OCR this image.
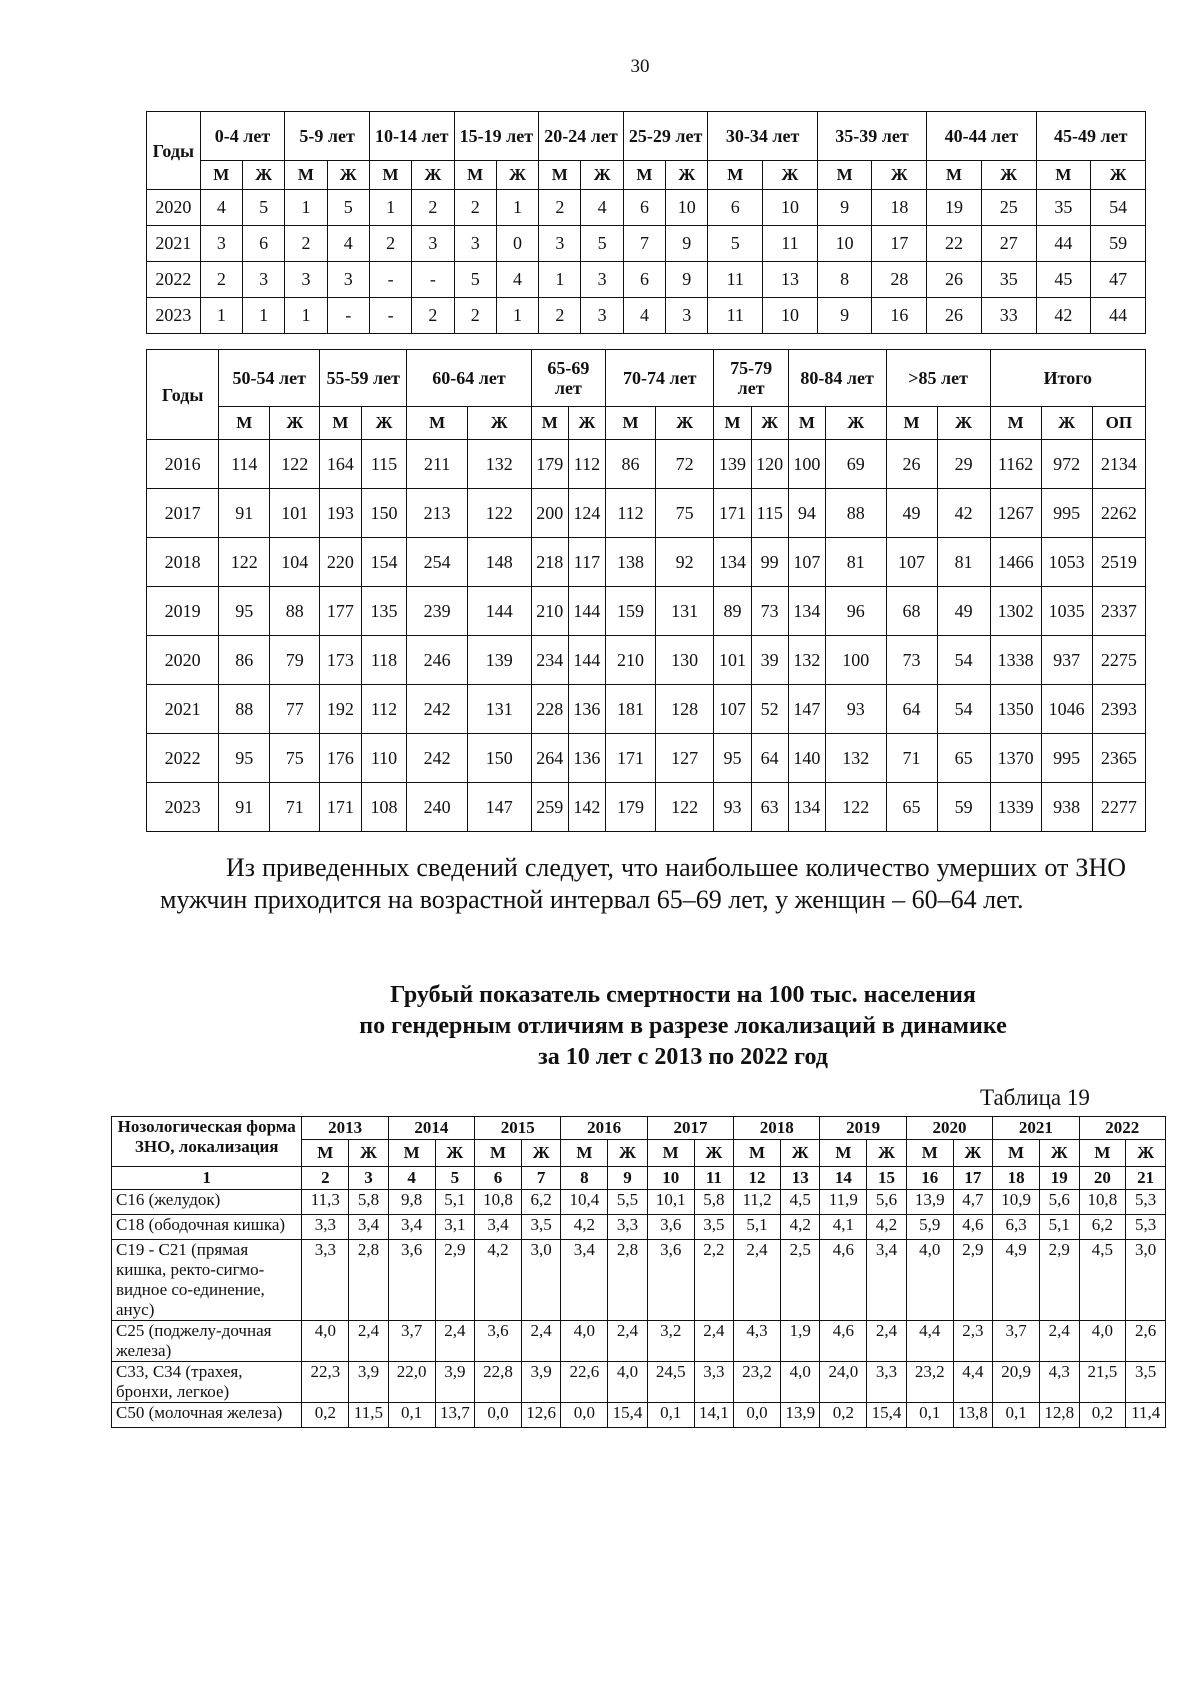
30
Годы	0-4 лет		5-9 лет		10-14 лет		15-19 лет		20-24 лет		25-29 лет		30-34 лет		35-39 лет		40-44 лет		45-49 лет	
	М	Ж	М	Ж	М	Ж	М	Ж	М	Ж	М	Ж	М	Ж	М	Ж	М	Ж	М	Ж
2020	4	5	1	5	1	2	2	1	2	4	6	10	6	10	9	18	19	25	35	54
2021	3	6	2	4	2	3	3	0	3	5	7	9	5	11	10	17	22	27	44	59
2022	2	3	3	3	-	-	5	4	1	3	6	9	11	13	8	28	26	35	45	47
2023	1	1	1	-	-	2	2	1	2	3	4	3	11	10	9	16	26	33	42	44
Годы	50-54 лет		55-59 лет		60-64 лет		65-69 лет		70-74 лет		75-79 лет		80-84 лет		>85 лет		Итого		
	М	Ж	М	Ж	М	Ж	М	Ж	М	Ж	М	Ж	М	Ж	М	Ж	М	Ж	ОП
2016	114	122	164	115	211	132	179	112	86	72	139	120	100	69	26	29	1162	972	2134
2017	91	101	193	150	213	122	200	124	112	75	171	115	94	88	49	42	1267	995	2262
2018	122	104	220	154	254	148	218	117	138	92	134	99	107	81	107	81	1466	1053	2519
2019	95	88	177	135	239	144	210	144	159	131	89	73	134	96	68	49	1302	1035	2337
2020	86	79	173	118	246	139	234	144	210	130	101	39	132	100	73	54	1338	937	2275
2021	88	77	192	112	242	131	228	136	181	128	107	52	147	93	64	54	1350	1046	2393
2022	95	75	176	110	242	150	264	136	171	127	95	64	140	132	71	65	1370	995	2365
2023	91	71	171	108	240	147	259	142	179	122	93	63	134	122	65	59	1339	938	2277

Из приведенных сведений следует, что наибольшее количество умерших от ЗНО мужчин приходится на возрастной интервал 65–69 лет, у женщин – 60–64 лет.

Грубый показатель смертности на 100 тыс. населения
по гендерным отличиям в разрезе локализаций в динамике
за 10 лет с 2013 по 2022 год
Таблица 19
Нозологическая форма ЗНО, локализация	2013		2014		2015		2016		2017		2018		2019		2020		2021		2022	
	М	Ж	М	Ж	М	Ж	М	Ж	М	Ж	М	Ж	М	Ж	М	Ж	М	Ж	М	Ж
1	2	3	4	5	6	7	8	9	10	11	12	13	14	15	16	17	18	19	20	21
С16 (желудок)	11,3	5,8	9,8	5,1	10,8	6,2	10,4	5,5	10,1	5,8	11,2	4,5	11,9	5,6	13,9	4,7	10,9	5,6	10,8	5,3
С18 (ободочная кишка)	3,3	3,4	3,4	3,1	3,4	3,5	4,2	3,3	3,6	3,5	5,1	4,2	4,1	4,2	5,9	4,6	6,3	5,1	6,2	5,3
С19 - С21 (прямая кишка, ректо-сигмо-видное со-единение, анус)	3,3	2,8	3,6	2,9	4,2	3,0	3,4	2,8	3,6	2,2	2,4	2,5	4,6	3,4	4,0	2,9	4,9	2,9	4,5	3,0
С25 (поджелу-дочная железа)	4,0	2,4	3,7	2,4	3,6	2,4	4,0	2,4	3,2	2,4	4,3	1,9	4,6	2,4	4,4	2,3	3,7	2,4	4,0	2,6
С33, С34 (трахея, бронхи, легкое)	22,3	3,9	22,0	3,9	22,8	3,9	22,6	4,0	24,5	3,3	23,2	4,0	24,0	3,3	23,2	4,4	20,9	4,3	21,5	3,5
С50 (молочная железа)	0,2	11,5	0,1	13,7	0,0	12,6	0,0	15,4	0,1	14,1	0,0	13,9	0,2	15,4	0,1	13,8	0,1	12,8	0,2	11,4
